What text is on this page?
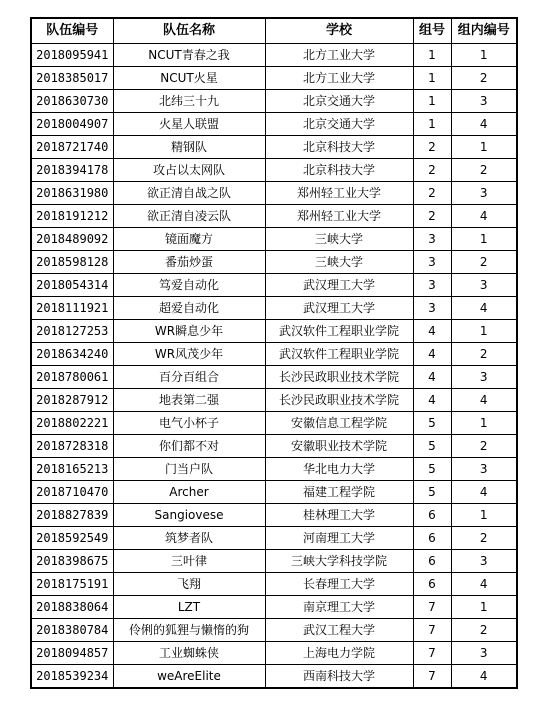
队伍编号	队伍名称	学校	组号	组内编号
2018095941	NCUT青春之我	北方工业大学	1	1
2018385017	NCUT火星	北方工业大学	1	2
2018630730	北纬三十九	北京交通大学	1	3
2018004907	火星人联盟	北京交通大学	1	4
2018721740	精钢队	北京科技大学	2	1
2018394178	攻占以太网队	北京科技大学	2	2
2018631980	欲正清自战之队	郑州轻工业大学	2	3
2018191212	欲正清自凌云队	郑州轻工业大学	2	4
2018489092	镜面魔方	三峡大学	3	1
2018598128	番茄炒蛋	三峡大学	3	2
2018054314	笃爱自动化	武汉理工大学	3	3
2018111921	超爱自动化	武汉理工大学	3	4
2018127253	WR瞬息少年	武汉软件工程职业学院	4	1
2018634240	WR风茂少年	武汉软件工程职业学院	4	2
2018780061	百分百组合	长沙民政职业技术学院	4	3
2018287912	地表第二强	长沙民政职业技术学院	4	4
2018802221	电气小杯子	安徽信息工程学院	5	1
2018728318	你们都不对	安徽职业技术学院	5	2
2018165213	门当户队	华北电力大学	5	3
2018710470	Archer	福建工程学院	5	4
2018827839	Sangiovese	桂林理工大学	6	1
2018592549	筑梦者队	河南理工大学	6	2
2018398675	三叶律	三峡大学科技学院	6	3
2018175191	飞翔	长春理工大学	6	4
2018838064	LZT	南京理工大学	7	1
2018380784	伶俐的狐狸与懒惰的狗	武汉工程大学	7	2
2018094857	工业蜘蛛侠	上海电力学院	7	3
2018539234	weAreElite	西南科技大学	7	4
